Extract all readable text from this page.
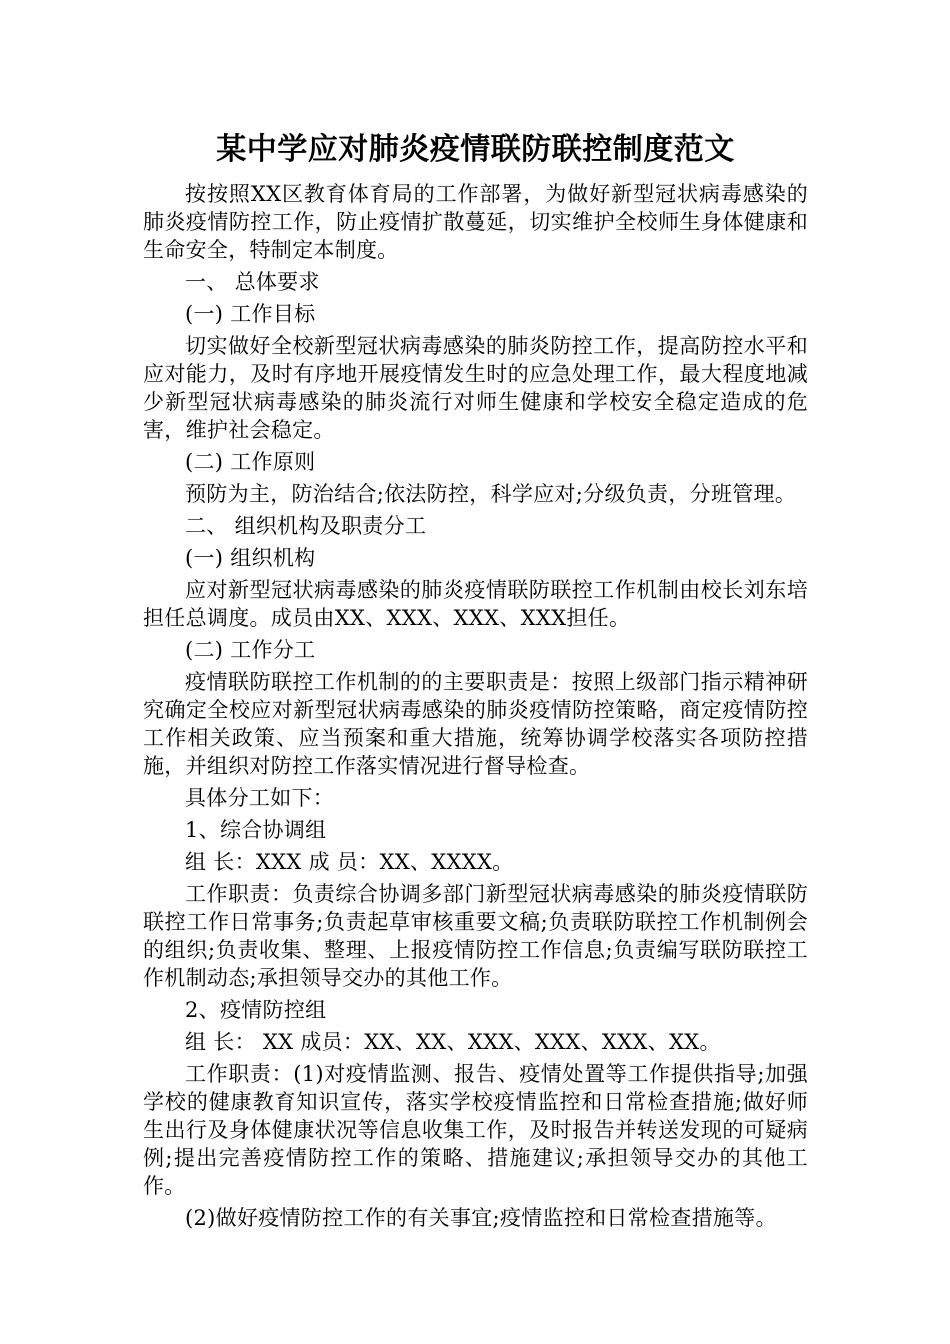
某中学应对肺炎疫情联防联控制度范文

按按照XX区教育体育局的工作部署，为做好新型冠状病毒感染的肺炎疫情防控工作，防止疫情扩散蔓延，切实维护全校师生身体健康和生命安全，特制定本制度。

一、 总体要求

(一) 工作目标

切实做好全校新型冠状病毒感染的肺炎防控工作，提高防控水平和应对能力，及时有序地开展疫情发生时的应急处理工作，最大程度地减少新型冠状病毒感染的肺炎流行对师生健康和学校安全稳定造成的危害，维护社会稳定。

(二) 工作原则

预防为主，防治结合;依法防控，科学应对;分级负责，分班管理。

二、 组织机构及职责分工

(一) 组织机构

应对新型冠状病毒感染的肺炎疫情联防联控工作机制由校长刘东培担任总调度。成员由XX、XXX、XXX、XXX担任。

(二) 工作分工

疫情联防联控工作机制的的主要职责是：按照上级部门指示精神研究确定全校应对新型冠状病毒感染的肺炎疫情防控策略，商定疫情防控工作相关政策、应当预案和重大措施，统筹协调学校落实各项防控措施，并组织对防控工作落实情况进行督导检查。

具体分工如下：

1、综合协调组

组 长：XXX 成 员：XX、XXXX。

工作职责：负责综合协调多部门新型冠状病毒感染的肺炎疫情联防联控工作日常事务;负责起草审核重要文稿;负责联防联控工作机制例会的组织;负责收集、整理、上报疫情防控工作信息;负责编写联防联控工作机制动态;承担领导交办的其他工作。

2、疫情防控组

组 长： XX 成员：XX、XX、XXX、XXX、XXX、XX。

工作职责：(1)对疫情监测、报告、疫情处置等工作提供指导;加强学校的健康教育知识宣传，落实学校疫情监控和日常检查措施;做好师生出行及身体健康状况等信息收集工作，及时报告并转送发现的可疑病例;提出完善疫情防控工作的策略、措施建议;承担领导交办的其他工作。

(2)做好疫情防控工作的有关事宜;疫情监控和日常检查措施等。
